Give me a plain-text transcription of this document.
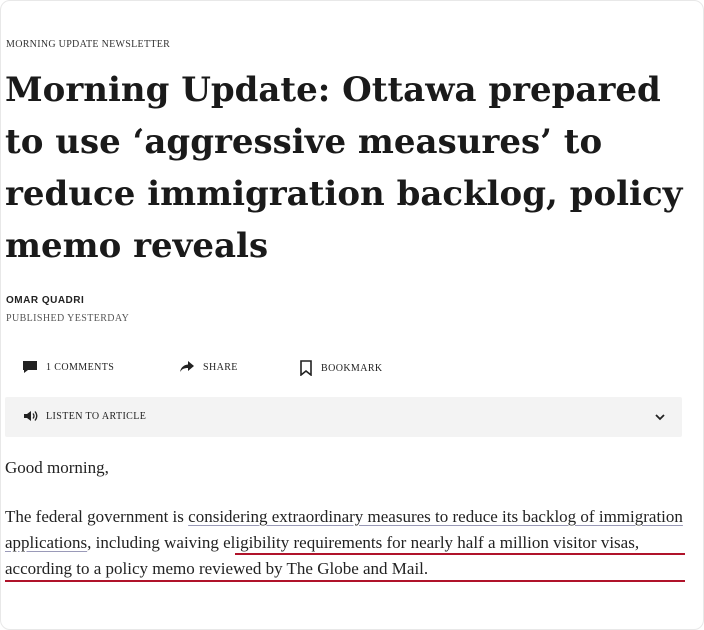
MORNING UPDATE NEWSLETTER
Morning Update: Ottawa prepared to use ‘aggressive measures’ to reduce immigration backlog, policy memo reveals
OMAR QUADRI
PUBLISHED YESTERDAY
1 COMMENTS	SHARE	BOOKMARK
LISTEN TO ARTICLE
Good morning,

The federal government is considering extraordinary measures to reduce its backlog of immigration applications, including waiving eligibility requirements for nearly half a million visitor visas, according to a policy memo reviewed by The Globe and Mail.
